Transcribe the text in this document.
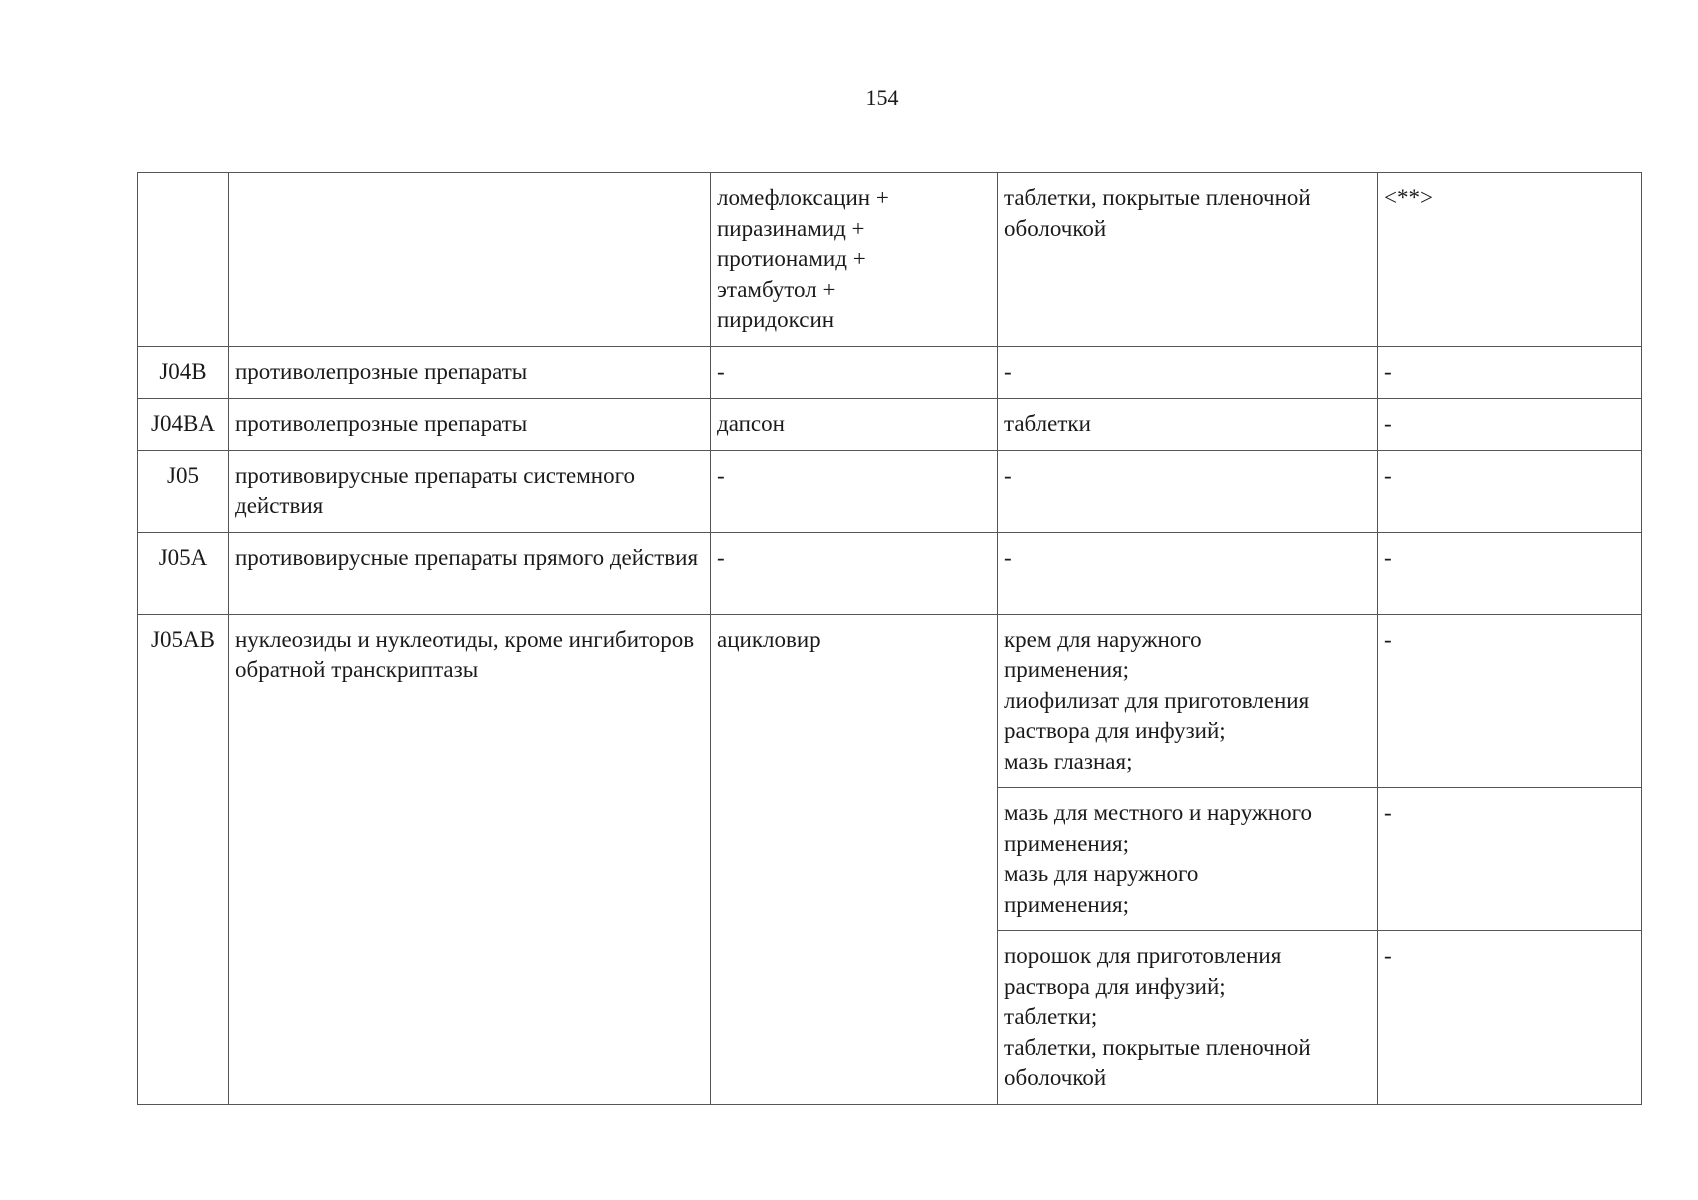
154

		ломефлоксацин +
пиразинамид +
протионамид +
этамбутол +
пиридоксин	таблетки, покрытые пленочной
оболочкой	<**>
J04B	противолепрозные препараты	-	-	-
J04BA	противолепрозные препараты	дапсон	таблетки	-
J05	противовирусные препараты системного действия	-	-	-
J05A	противовирусные препараты прямого действия	-	-	-
J05AB	нуклеозиды и нуклеотиды, кроме ингибиторов обратной транскриптазы	ацикловир	крем для наружного
применения;
лиофилизат для приготовления
раствора для инфузий;
мазь глазная;	-

			мазь для местного и наружного
применения;
мазь для наружного
применения;	-

			порошок для приготовления
раствора для инфузий;
таблетки;
таблетки, покрытые пленочной
оболочкой	-
